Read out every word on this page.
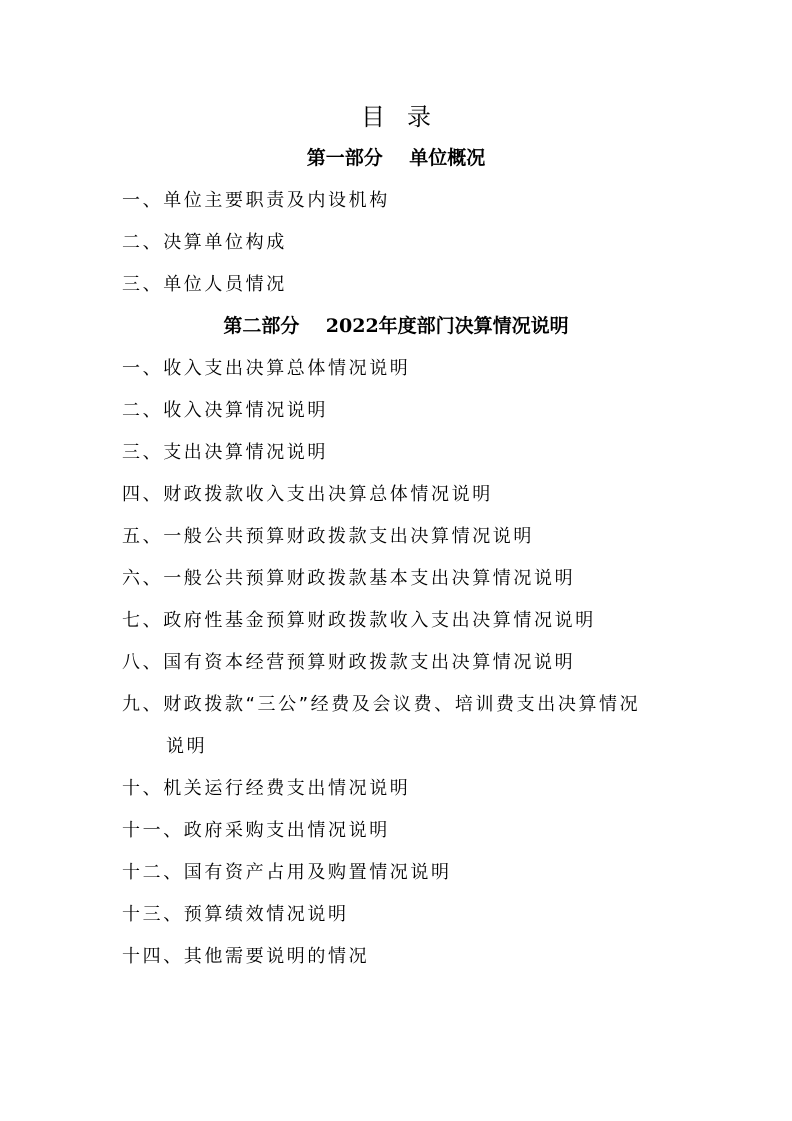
目录
第一部分    单位概况
一、单位主要职责及内设机构
二、决算单位构成
三、单位人员情况
第二部分    2022年度部门决算情况说明
一、收入支出决算总体情况说明
二、收入决算情况说明
三、支出决算情况说明
四、财政拨款收入支出决算总体情况说明
五、一般公共预算财政拨款支出决算情况说明
六、一般公共预算财政拨款基本支出决算情况说明
七、政府性基金预算财政拨款收入支出决算情况说明
八、国有资本经营预算财政拨款支出决算情况说明
九、财政拨款“三公”经费及会议费、培训费支出决算情况
说明
十、机关运行经费支出情况说明
十一、政府采购支出情况说明
十二、国有资产占用及购置情况说明
十三、预算绩效情况说明
十四、其他需要说明的情况
